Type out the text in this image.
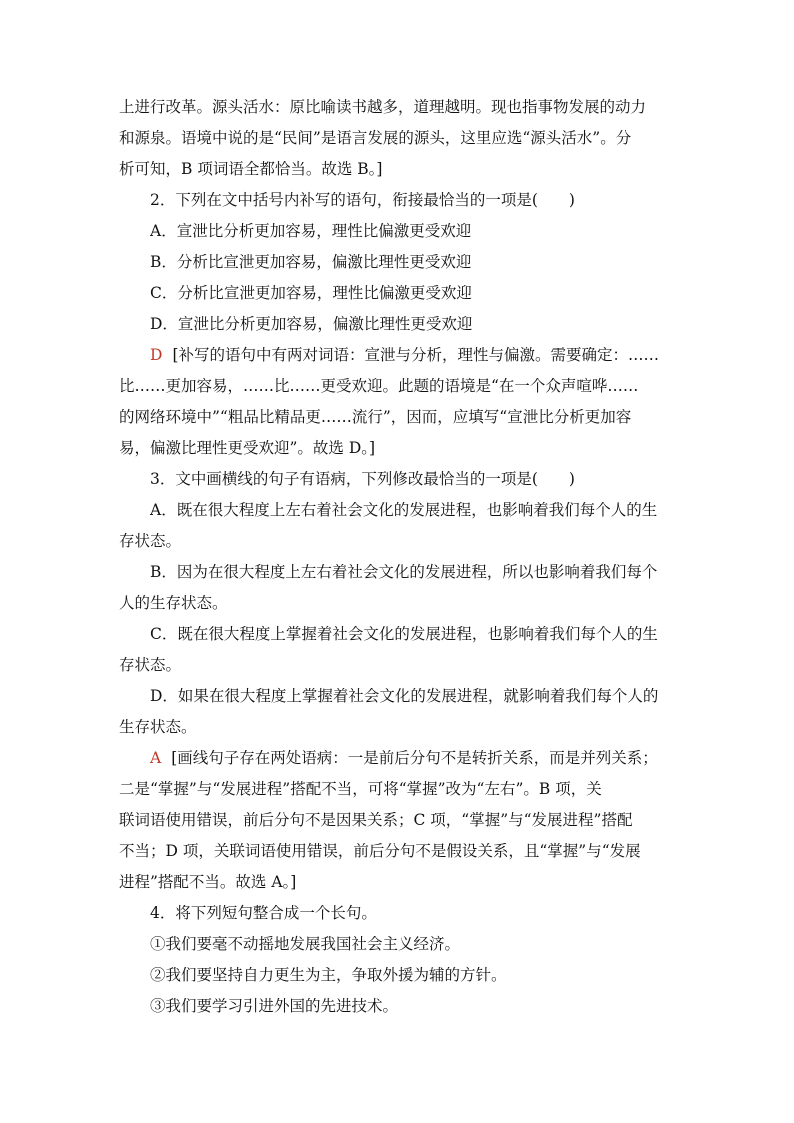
上进行改革。源头活水：原比喻读书越多，道理越明。现也指事物发展的动力
和源泉。语境中说的是“民间”是语言发展的源头，这里应选“源头活水”。分
析可知，B 项词语全都恰当。故选 B。]
2．下列在文中括号内补写的语句，衔接最恰当的一项是(　　)
A．宣泄比分析更加容易，理性比偏激更受欢迎
B．分析比宣泄更加容易，偏激比理性更受欢迎
C．分析比宣泄更加容易，理性比偏激更受欢迎
D．宣泄比分析更加容易，偏激比理性更受欢迎
D [补写的语句中有两对词语：宣泄与分析，理性与偏激。需要确定：……
比……更加容易，……比……更受欢迎。此题的语境是“在一个众声喧哗……
的网络环境中”“粗品比精品更……流行”，因而，应填写“宣泄比分析更加容
易，偏激比理性更受欢迎”。故选 D。]
3．文中画横线的句子有语病，下列修改最恰当的一项是(　　)
A．既在很大程度上左右着社会文化的发展进程，也影响着我们每个人的生
存状态。
B．因为在很大程度上左右着社会文化的发展进程，所以也影响着我们每个
人的生存状态。
C．既在很大程度上掌握着社会文化的发展进程，也影响着我们每个人的生
存状态。
D．如果在很大程度上掌握着社会文化的发展进程，就影响着我们每个人的
生存状态。
A [画线句子存在两处语病：一是前后分句不是转折关系，而是并列关系；
二是“掌握”与“发展进程”搭配不当，可将“掌握”改为“左右”。B 项，关
联词语使用错误，前后分句不是因果关系；C 项，“掌握”与“发展进程”搭配
不当；D 项，关联词语使用错误，前后分句不是假设关系，且“掌握”与“发展
进程”搭配不当。故选 A。]
4．将下列短句整合成一个长句。
①我们要毫不动摇地发展我国社会主义经济。
②我们要坚持自力更生为主，争取外援为辅的方针。
③我们要学习引进外国的先进技术。
